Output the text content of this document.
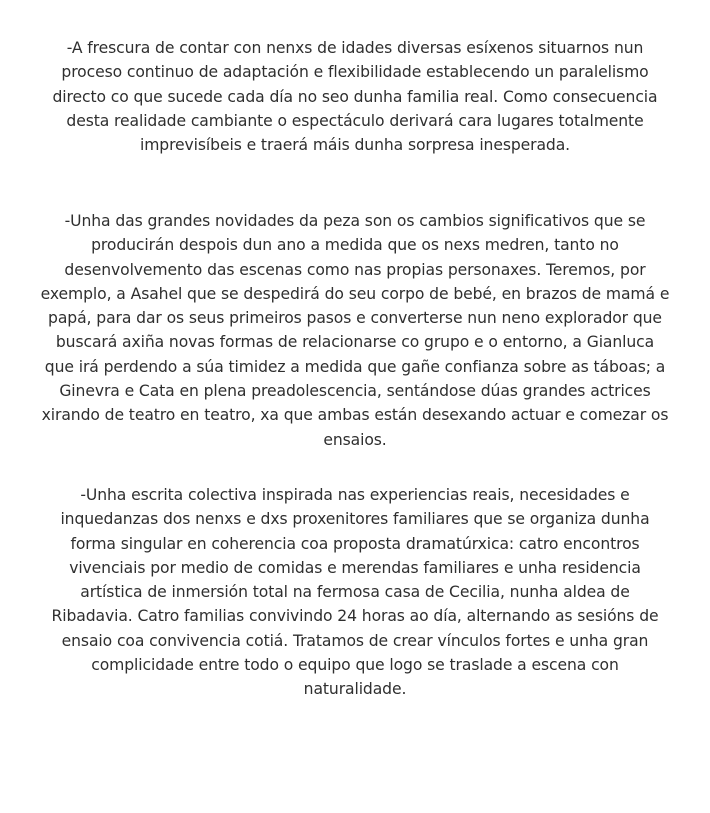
-A frescura de contar con nenxs de idades diversas esíxenos situarnos nun proceso continuo de adaptación e flexibilidade establecendo un paralelismo directo co que sucede cada día no seo dunha familia real. Como consecuencia desta realidade cambiante o espectáculo derivará cara lugares totalmente imprevisíbeis e traerá máis dunha sorpresa inesperada.

-Unha das grandes novidades da peza son os cambios significativos que se producirán despois dun ano a medida que os nexs medren, tanto no desenvolvemento das escenas como nas propias personaxes. Teremos, por exemplo, a Asahel que se despedirá do seu corpo de bebé, en brazos de mamá e papá, para dar os seus primeiros pasos e converterse nun neno explorador que buscará axiña novas formas de relacionarse co grupo e o entorno, a Gianluca que irá perdendo a súa timidez a medida que gañe confianza sobre as táboas; a Ginevra e Cata en plena preadolescencia, sentándose dúas grandes actrices xirando de teatro en teatro, xa que ambas están desexando actuar e comezar os ensaios.

-Unha escrita colectiva inspirada nas experiencias reais, necesidades e inquedanzas dos nenxs e dxs proxenitores familiares que se organiza dunha forma singular en coherencia coa proposta dramatúrxica: catro encontros vivenciais por medio de comidas e merendas familiares e unha residencia artística de inmersión total na fermosa casa de Cecilia, nunha aldea de Ribadavia. Catro familias convivindo 24 horas ao día, alternando as sesións de ensaio coa convivencia cotiá. Tratamos de crear vínculos fortes e unha gran complicidade entre todo o equipo que logo se traslade a escena con naturalidade.
